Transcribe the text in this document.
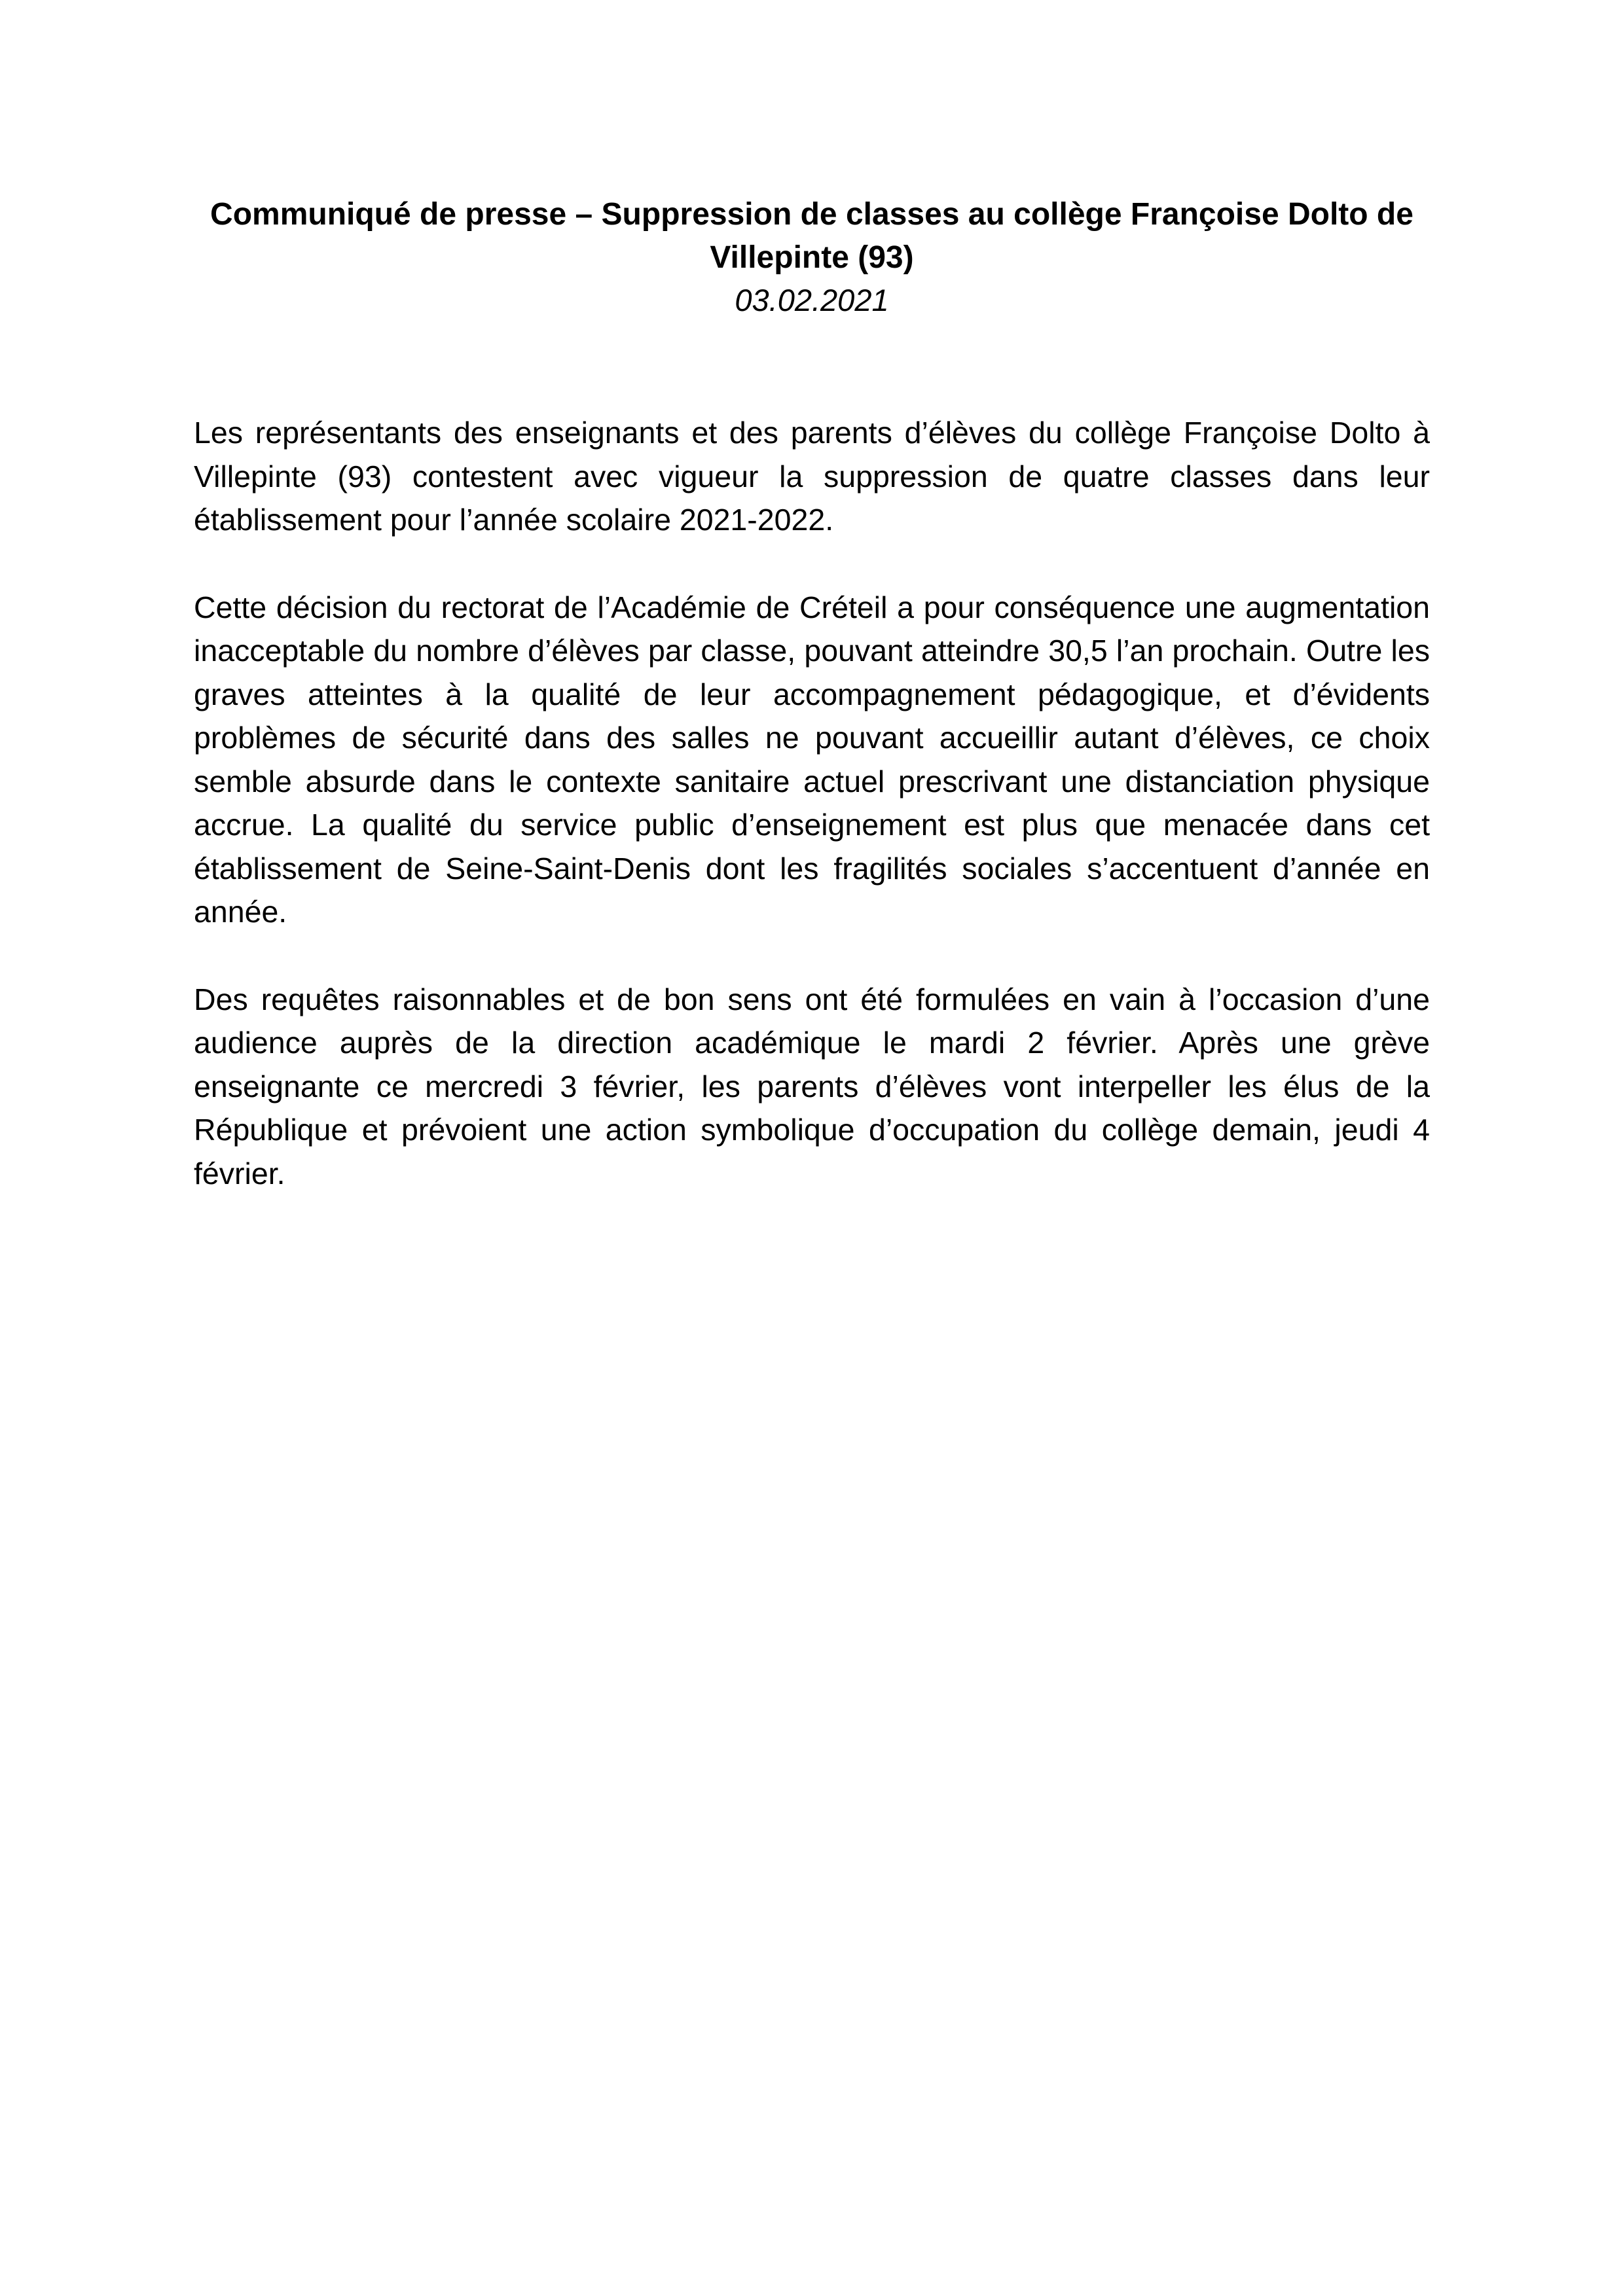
Communiqué de presse – Suppression de classes au collège Françoise Dolto de Villepinte (93)

03.02.2021

Les représentants des enseignants et des parents d’élèves du collège Françoise Dolto à Villepinte (93) contestent avec vigueur la suppression de quatre classes dans leur établissement pour l’année scolaire 2021-2022.

Cette décision du rectorat de l’Académie de Créteil a pour conséquence une augmentation inacceptable du nombre d’élèves par classe, pouvant atteindre 30,5 l’an prochain. Outre les graves atteintes à la qualité de leur accompagnement pédagogique, et d’évidents problèmes de sécurité dans des salles ne pouvant accueillir autant d’élèves, ce choix semble absurde dans le contexte sanitaire actuel prescrivant une distanciation physique accrue. La qualité du service public d’enseignement est plus que menacée dans cet établissement de Seine-Saint-Denis dont les fragilités sociales s’accentuent d’année en année.

Des requêtes raisonnables et de bon sens ont été formulées en vain à l’occasion d’une audience auprès de la direction académique le mardi 2 février. Après une grève enseignante ce mercredi 3 février, les parents d’élèves vont interpeller les élus de la République et prévoient une action symbolique d’occupation du collège demain, jeudi 4 février.
